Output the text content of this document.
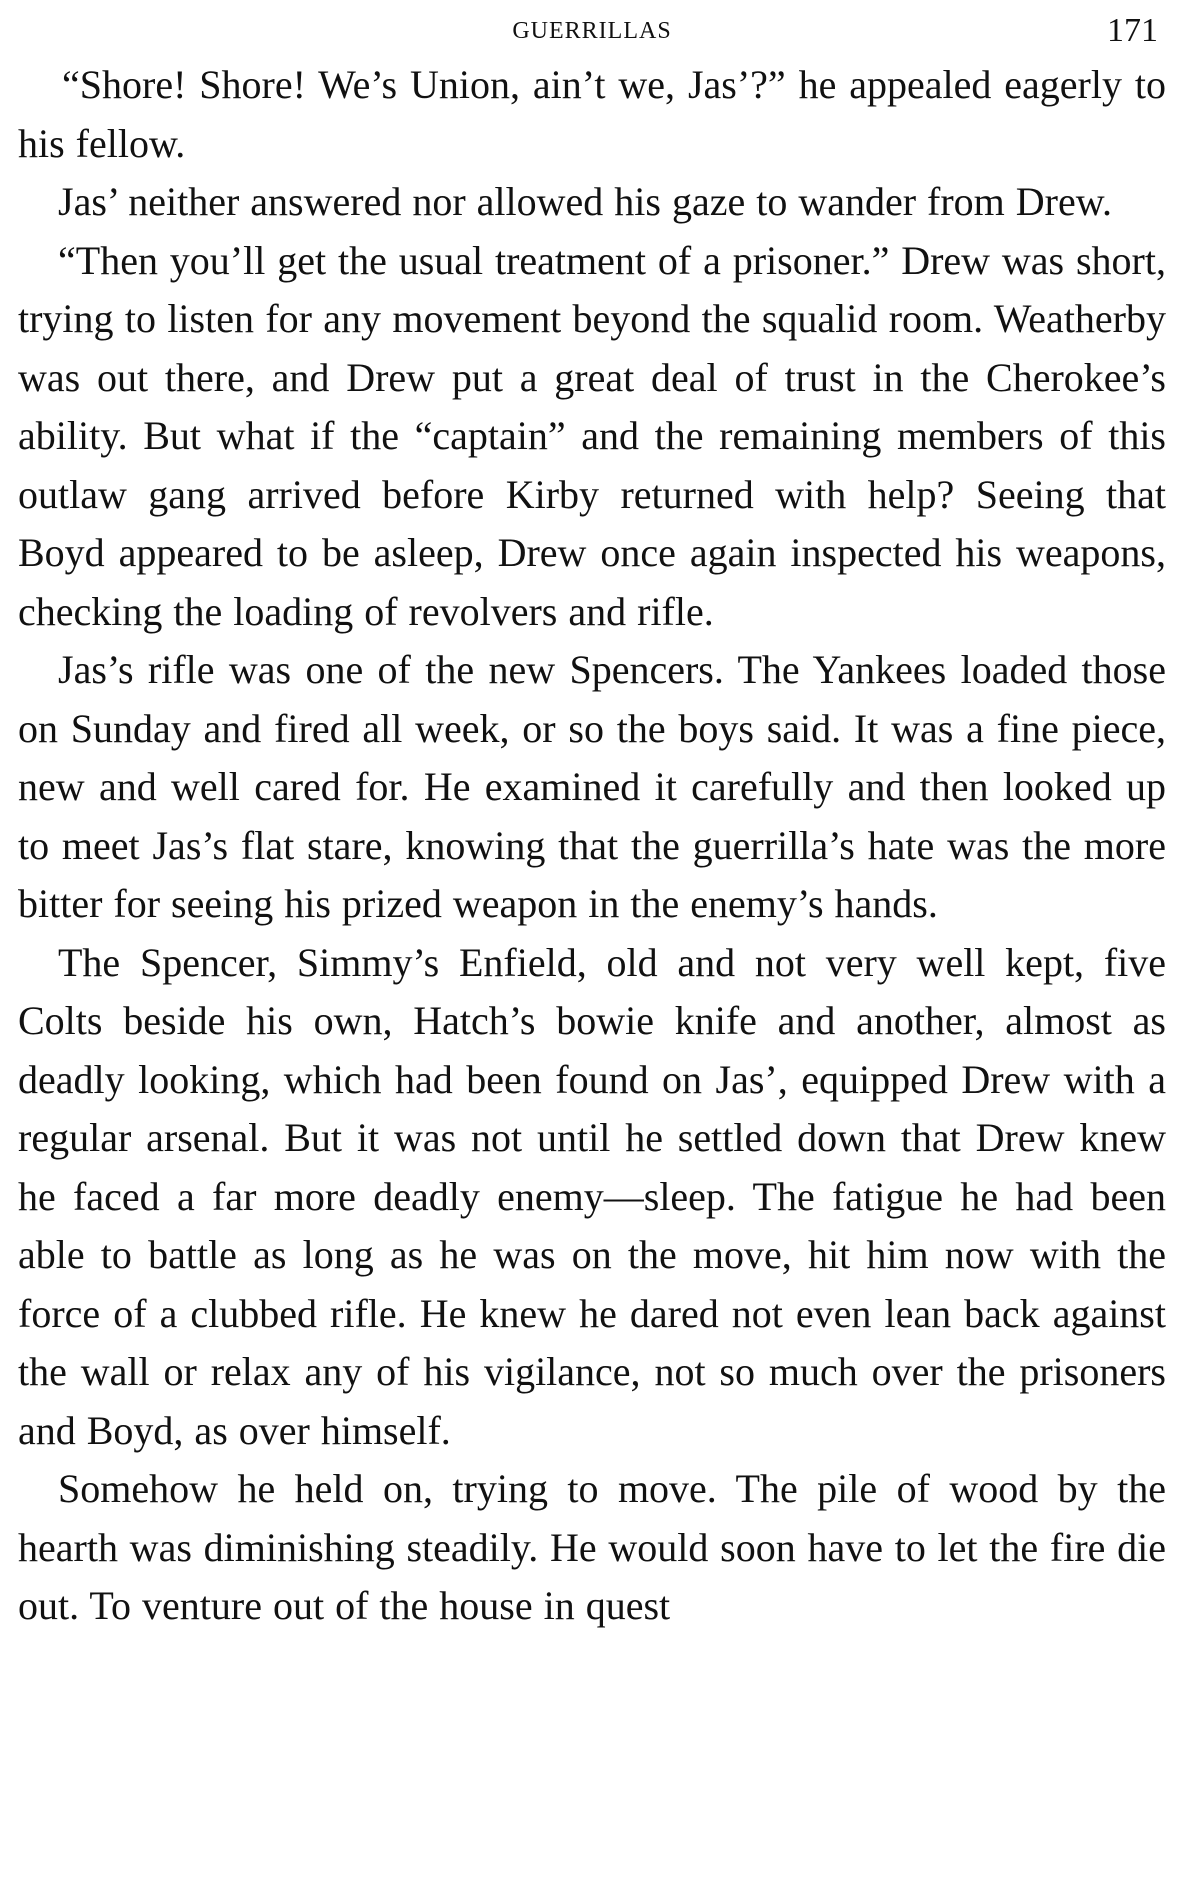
GUERRILLAS	171

“Shore! Shore! We’s Union, ain’t we, Jas’?” he appealed eagerly to his fellow.

Jas’ neither answered nor allowed his gaze to wander from Drew.

“Then you’ll get the usual treatment of a prisoner.” Drew was short, trying to listen for any movement beyond the squalid room. Weatherby was out there, and Drew put a great deal of trust in the Cherokee’s ability. But what if the “captain” and the remaining members of this outlaw gang arrived before Kirby returned with help? Seeing that Boyd appeared to be asleep, Drew once again inspected his weapons, checking the loading of revolvers and rifle.

Jas’s rifle was one of the new Spencers. The Yankees loaded those on Sunday and fired all week, or so the boys said. It was a fine piece, new and well cared for. He examined it carefully and then looked up to meet Jas’s flat stare, knowing that the guerrilla’s hate was the more bitter for seeing his prized weapon in the enemy’s hands.

The Spencer, Simmy’s Enfield, old and not very well kept, five Colts beside his own, Hatch’s bowie knife and another, almost as deadly looking, which had been found on Jas’, equipped Drew with a regular arsenal. But it was not until he settled down that Drew knew he faced a far more deadly enemy—sleep. The fatigue he had been able to battle as long as he was on the move, hit him now with the force of a clubbed rifle. He knew he dared not even lean back against the wall or relax any of his vigilance, not so much over the prisoners and Boyd, as over himself.

Somehow he held on, trying to move. The pile of wood by the hearth was diminishing steadily. He would soon have to let the fire die out. To venture out of the house in quest
